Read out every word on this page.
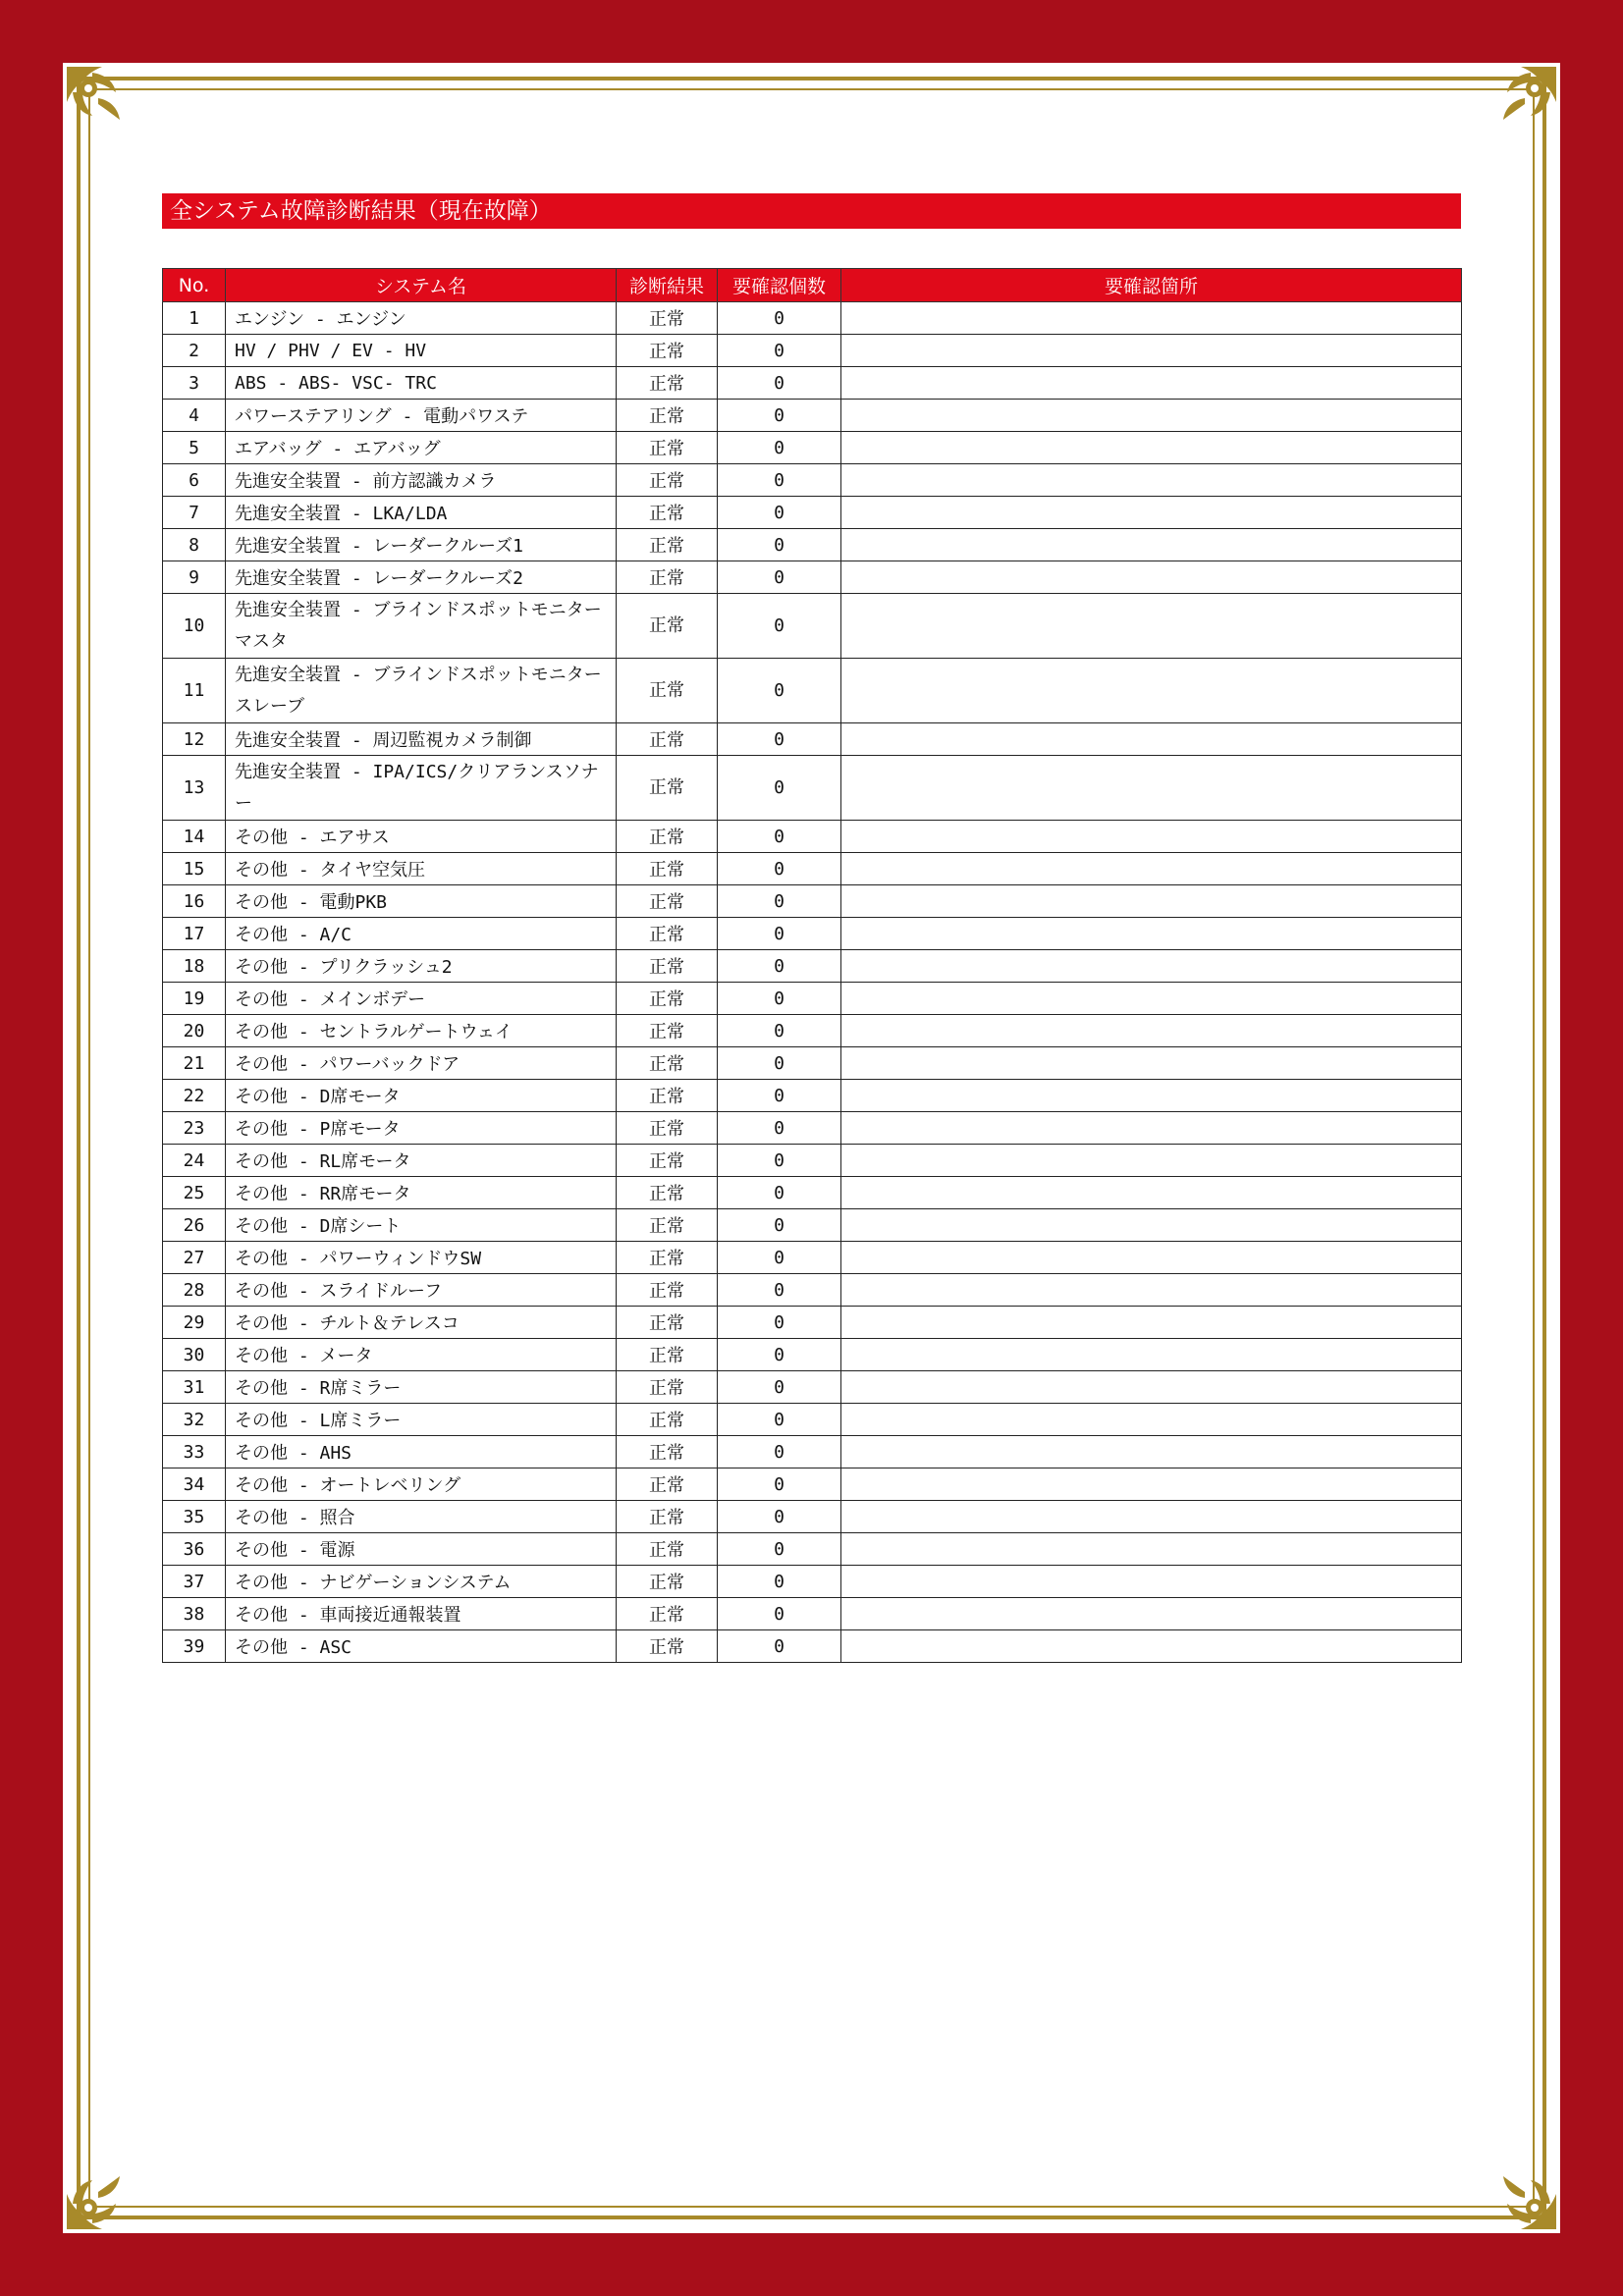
全システム故障診断結果（現在故障）
No.	システム名	診断結果	要確認個数	要確認箇所
1	エンジン - エンジン	正常	0	
2	HV / PHV / EV - HV	正常	0	
3	ABS - ABS- VSC- TRC	正常	0	
4	パワーステアリング - 電動パワステ	正常	0	
5	エアバッグ - エアバッグ	正常	0	
6	先進安全装置 - 前方認識カメラ	正常	0	
7	先進安全装置 - LKA/LDA	正常	0	
8	先進安全装置 - レーダークルーズ1	正常	0	
9	先進安全装置 - レーダークルーズ2	正常	0	
10	先進安全装置 - ブラインドスポットモニター マスタ	正常	0	
11	先進安全装置 - ブラインドスポットモニター スレーブ	正常	0	
12	先進安全装置 - 周辺監視カメラ制御	正常	0	
13	先進安全装置 - IPA/ICS/クリアランスソナー	正常	0	
14	その他 - エアサス	正常	0	
15	その他 - タイヤ空気圧	正常	0	
16	その他 - 電動PKB	正常	0	
17	その他 - A/C	正常	0	
18	その他 - プリクラッシュ2	正常	0	
19	その他 - メインボデー	正常	0	
20	その他 - セントラルゲートウェイ	正常	0	
21	その他 - パワーバックドア	正常	0	
22	その他 - D席モータ	正常	0	
23	その他 - P席モータ	正常	0	
24	その他 - RL席モータ	正常	0	
25	その他 - RR席モータ	正常	0	
26	その他 - D席シート	正常	0	
27	その他 - パワーウィンドウSW	正常	0	
28	その他 - スライドルーフ	正常	0	
29	その他 - チルト＆テレスコ	正常	0	
30	その他 - メータ	正常	0	
31	その他 - R席ミラー	正常	0	
32	その他 - L席ミラー	正常	0	
33	その他 - AHS	正常	0	
34	その他 - オートレベリング	正常	0	
35	その他 - 照合	正常	0	
36	その他 - 電源	正常	0	
37	その他 - ナビゲーションシステム	正常	0	
38	その他 - 車両接近通報装置	正常	0	
39	その他 - ASC	正常	0	
